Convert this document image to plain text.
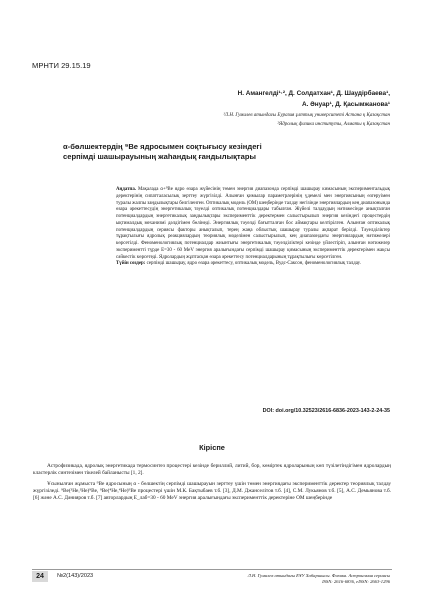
МРНТИ 29.15.19
Н. Амангелді¹·², Д. Солдатхан¹, Д. Шаудірбаева¹,
А. Әнуар¹, Д. Қасымжанова¹
¹Л.Н. Гумилев атындағы Еуразия ұлттық университеті Астана қ Қазақстан
²Ядролық физика институты, Алматы қ Қазақстан
α-бөлшектердің ⁹Be ядросымен соқтығысу кезіндегі
серпімді шашырауының жаһандық ғандылықтары
Аңдатпа. Мақалада α+⁹Be ядро өзара жүйесінің төмен энергия диапазонда серпімді шашырау кимасының экспериментальдық деректерінің сипатталасылық зерттеу жүргізілді. Алынған қимылар параметрлерінің үдемелі мен энергиясының өзгеруімен туралы жалпы заңдылықтары белгіленген. Оптикалық модель (ОМ) шеңберінде талдау негізінде энергиялардың кең диапазонында өзара әрекеттесудің энергетикалық тәуелді оптикалық потенциалдары табылған. Жүйелі талдаудың нәтижесінде анықталған потенциалдардың энергетикалық заңдылықтары эксперименттік деректермен салыстырылып энергия кезіндегі процестердің ықтималдық механизмі дәлдігімен бөлінеді. Энергиялық тәуелді бағытталған бос аймақтары келтірілген. Алынған оптикалық потенциалдардың сериясы факторы анықталып, терең жаңа облыстық шашырау туралы ақпарат берілді. Тәуелділіктер тұрақтылығы ядролық реакциялардың теориялық моделімен салыстырылып, кең диапазондағы энергиялардың нәтижелері көрсетілді. Феноменологиялық потенциалдар жиынтығы энергетикалық тәуелділіктері кезінде үйлестіріп, алынған нәтижелер экспериментті түрде Е=30 - 60 MeV энергия аралығындағы серпімді шашырау қимасының эксперименттік деректерімен жақсы сәйкестік көрсетеді. Ядролардың жұптасқан өзара әрекеттесу потенциалдарының тұрақтылығы көрсетілген.
Түйін сөздер: серпімді шашырау, ядро өзара әрекеттесу, оптикалық модель, Вудс-Саксон, феноменологиялық талдау.
DOI: doi.org/10.32523/2616-6836-2023-143-2-24-35
Кіріспе

Астрофизикада, ядролық энергетикада термосинтез процестері кезінде бериллий, литий, бор, көміртек ядроларының көп түзілетіндігімен ядролардың кластерлік синтезімен тікелей байланысты [1, 2].

Ұсынылған жұмыста ⁹Be ядросының α - бөлшектің серпімді шашырауын зерттеу үшін төмен энергиядағы эксперименттік деректер теориялық талдау жүргізіледі. ⁹Be(³He,³He)⁹Be, ⁹Be(⁴He,⁴He)⁹Be процестері үшін М.К. Бақтыбаев т.б. [3], Д.М. Джанселітов т.б. [4], С.М. Лукьянов т.б. [5], А.С. Демьянова т.б. [6] және А.С. Дәнияров т.б. [7] авторлардың Е_лаб=30 - 60 МeV энергия аралығындағы эксперименттік деректеріне ОМ шеңберінде

24	№2(143)/2023	Л.Н. Гумилев атындағы ЕҰУ Хабаршысы. Физика. Астрономия сериясы
ISSN: 2616-6836, eISSN: 2663-1296
